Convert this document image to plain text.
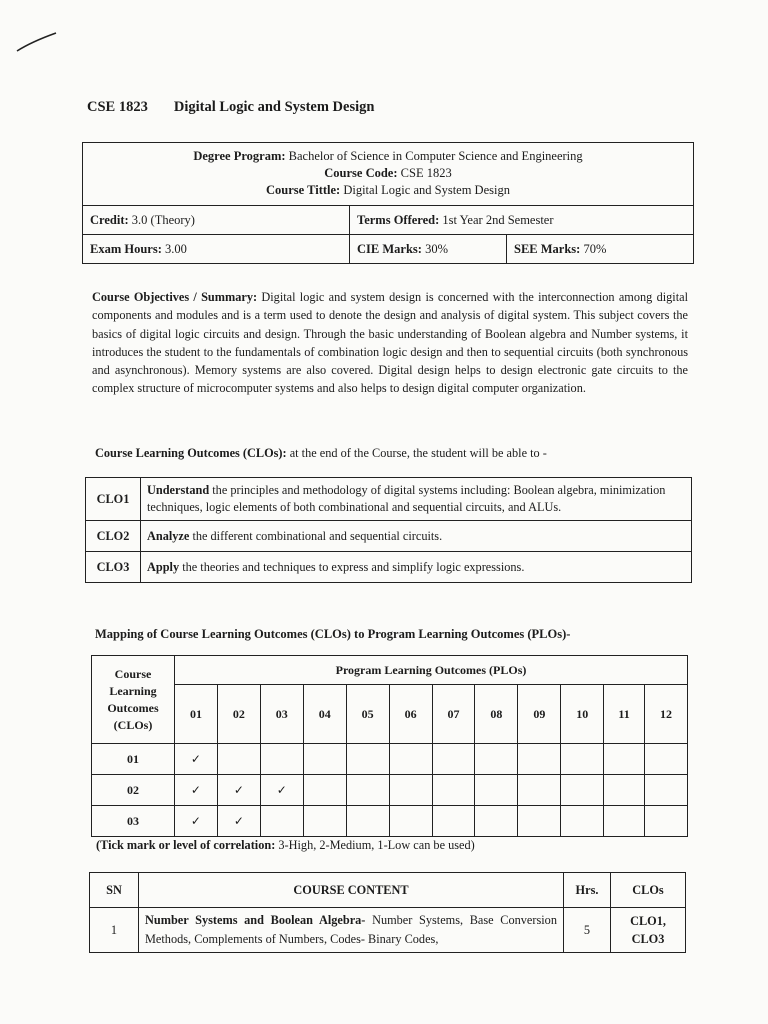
CSE 1823 Digital Logic and System Design
Degree Program: Bachelor of Science in Computer Science and Engineering
Course Code: CSE 1823
Course Tittle: Digital Logic and System Design		

Credit: 3.0 (Theory)	Terms Offered: 1st Year 2nd Semester	
Exam Hours: 3.00	CIE Marks: 30%	SEE Marks: 70%
Course Objectives / Summary: Digital logic and system design is concerned with the interconnection among digital components and modules and is a term used to denote the design and analysis of digital system. This subject covers the basics of digital logic circuits and design. Through the basic understanding of Boolean algebra and Number systems, it introduces the student to the fundamentals of combination logic design and then to sequential circuits (both synchronous and asynchronous). Memory systems are also covered. Digital design helps to design electronic gate circuits to the complex structure of microcomputer systems and also helps to design digital computer organization.
Course Learning Outcomes (CLOs): at the end of the Course, the student will be able to -
CLO1	Understand the principles and methodology of digital systems including: Boolean algebra, minimization techniques, logic elements of both combinational and sequential circuits, and ALUs.
CLO2	Analyze the different combinational and sequential circuits.
CLO3	Apply the theories and techniques to express and simplify logic expressions.
Mapping of Course Learning Outcomes (CLOs) to Program Learning Outcomes (PLOs)-
Course Learning Outcomes (CLOs)	Program Learning Outcomes (PLOs)											
	01	02	03	04	05	06	07	08	09	10	11	12
01	✓											
02	✓	✓	✓									
03	✓	✓										
(Tick mark or level of correlation: 3-High, 2-Medium, 1-Low can be used)
SN	COURSE CONTENT	Hrs.	CLOs
1	Number Systems and Boolean Algebra- Number Systems, Base Conversion Methods, Complements of Numbers, Codes- Binary Codes,	5	CLO1,
CLO3
